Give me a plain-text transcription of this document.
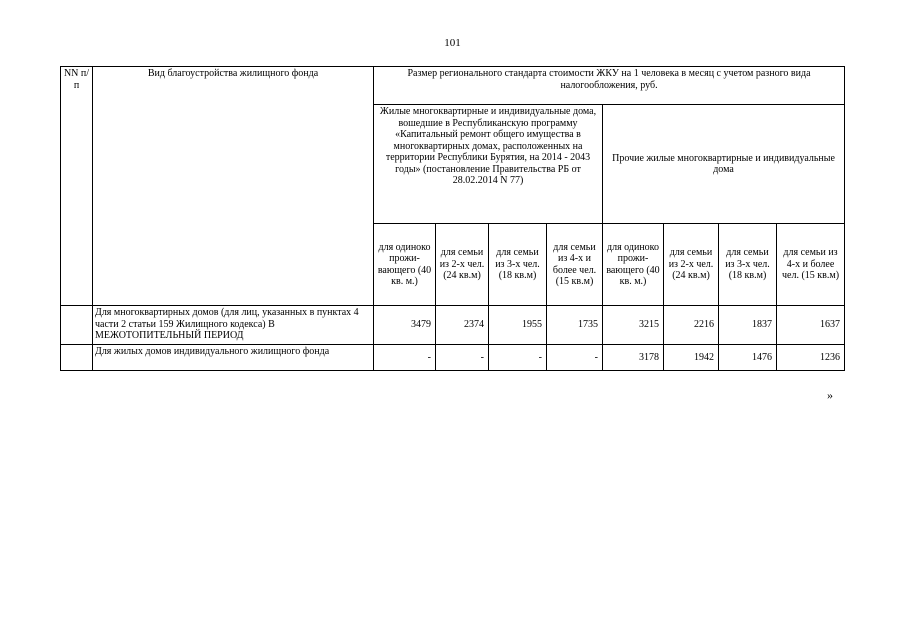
101
NN п/п	Вид благоустройства жилищного фонда	Размер регионального стандарта стоимости ЖКУ на 1 человека в месяц с учетом разного вида налогообложения, руб.							
		Жилые многоквартирные и индивидуальные дома, вошедшие в Республиканскую программу «Капитальный ремонт общего имущества в многоквартирных домах, расположенных на территории Республики Бурятия, на 2014 - 2043 годы» (постановление Правительства РБ от 28.02.2014 N 77)				Прочие жилые многоквартирные и индивидуальные дома			
		для одиноко прожи-вающего (40 кв. м.)	для семьи из 2-х чел. (24 кв.м)	для семьи из 3-х чел. (18 кв.м)	для семьи из 4-х и более чел. (15 кв.м)	для одиноко прожи-вающего (40 кв. м.)	для семьи из 2-х чел. (24 кв.м)	для семьи из 3-х чел. (18 кв.м)	для семьи из 4-х и более чел. (15 кв.м)
	Для многоквартирных домов (для лиц, указанных в пунктах 4 части 2 статьи 159 Жилищного кодекса) В МЕЖОТОПИТЕЛЬНЫЙ ПЕРИОД	3479	2374	1955	1735	3215	2216	1837	1637
	Для жилых домов индивидуального жилищного фонда	-	-	-	-	3178	1942	1476	1236
»
